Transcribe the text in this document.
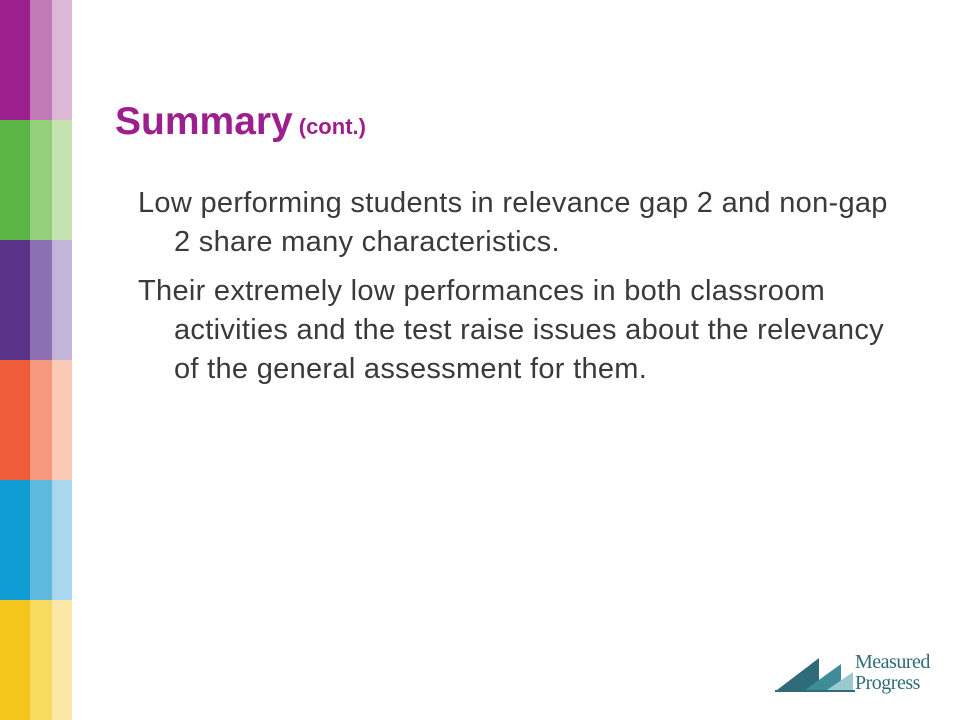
Summary (cont.)

Low performing students in relevance gap 2 and non-gap 2 share many characteristics.

Their extremely low performances in both classroom activities and the test raise issues about the relevancy of the general assessment for them.

Measured
Progress
